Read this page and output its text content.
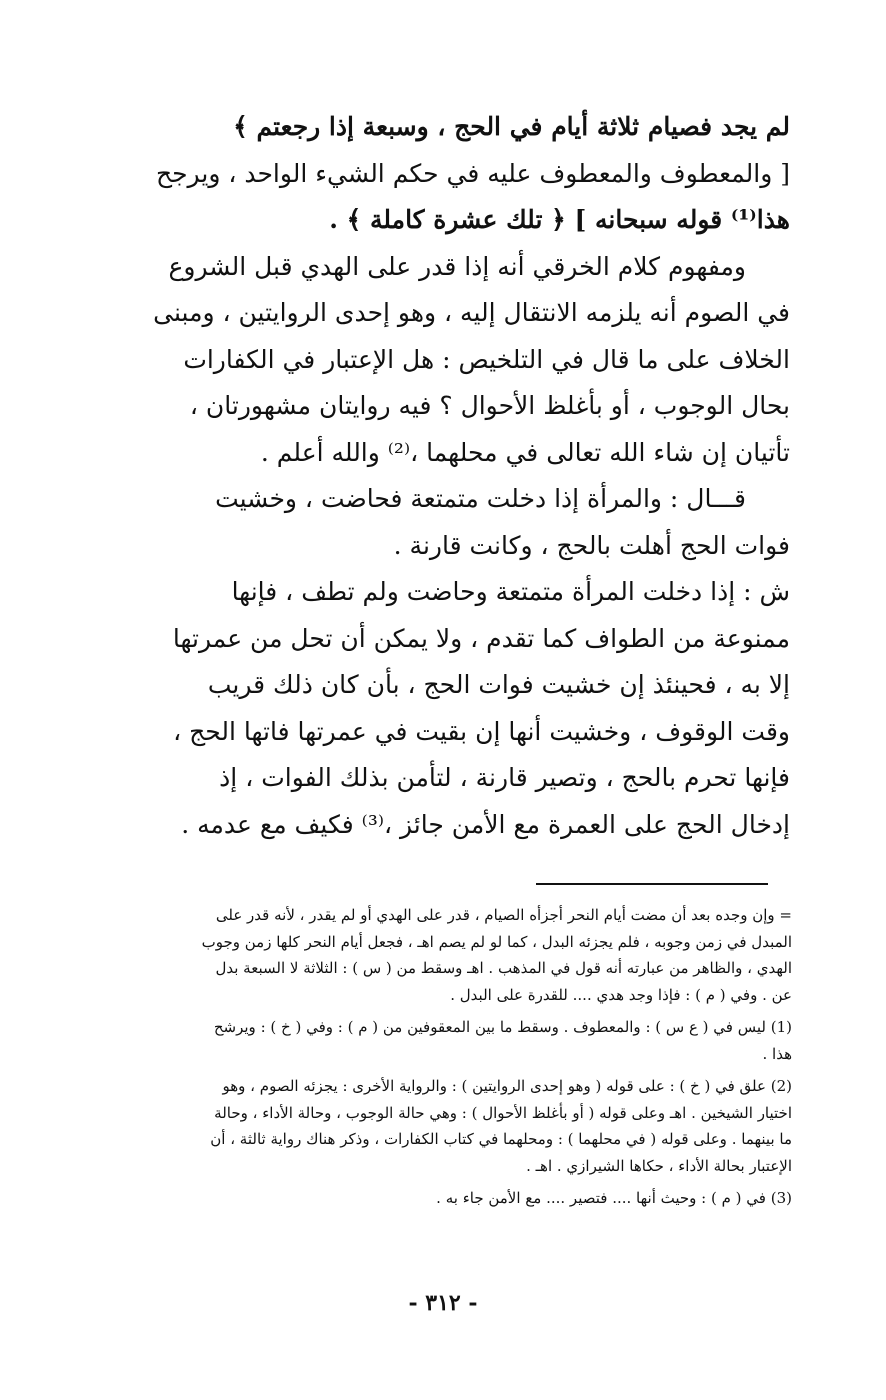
لم يجد فصيام ثلاثة أيام في الحج ، وسبعة إذا رجعتم ﴾
[ والمعطوف والمعطوف عليه في حكم الشيء الواحد ، ويرجح
هذا⁽¹⁾ قوله سبحانه ] ﴿ تلك عشرة كاملة ﴾ .

ومفهوم كلام الخرقي أنه إذا قدر على الهدي قبل الشروع
في الصوم أنه يلزمه الانتقال إليه ، وهو إحدى الروايتين ، ومبنى
الخلاف على ما قال في التلخيص : هل الإعتبار في الكفارات
بحال الوجوب ، أو بأغلظ الأحوال ؟ فيه روايتان مشهورتان ،
تأتيان إن شاء الله تعالى في محلهما ،⁽²⁾ والله أعلم .

قـــال : والمرأة إذا دخلت متمتعة فحاضت ، وخشيت
فوات الحج أهلت بالحج ، وكانت قارنة .

ش : إذا دخلت المرأة متمتعة وحاضت ولم تطف ، فإنها
ممنوعة من الطواف كما تقدم ، ولا يمكن أن تحل من عمرتها
إلا به ، فحينئذ إن خشيت فوات الحج ، بأن كان ذلك قريب
وقت الوقوف ، وخشيت أنها إن بقيت في عمرتها فاتها الحج ،
فإنها تحرم بالحج ، وتصير قارنة ، لتأمن بذلك الفوات ، إذ
إدخال الحج على العمرة مع الأمن جائز ،⁽³⁾ فكيف مع عدمه .

= وإن وجده بعد أن مضت أيام النحر أجزأه الصيام ، قدر على الهدي أو لم يقدر ، لأنه قدر على
المبدل في زمن وجوبه ، فلم يجزئه البدل ، كما لو لم يصم اهـ ، فجعل أيام النحر كلها زمن وجوب
الهدي ، والظاهر من عبارته أنه قول في المذهب . اهـ وسقط من ( س ) : الثلاثة لا السبعة بدل
عن . وفي ( م ) : فإذا وجد هدي .... للقدرة على البدل .

(1) ليس في ( ع س ) : والمعطوف . وسقط ما بين المعقوفين من ( م ) : وفي ( خ ) : ويرشح
هذا .

(2) علق في ( خ ) : على قوله ( وهو إحدى الروايتين ) : والرواية الأخرى : يجزئه الصوم ، وهو
اختيار الشيخين . اهـ وعلى قوله ( أو بأغلظ الأحوال ) : وهي حالة الوجوب ، وحالة الأداء ، وحالة
ما بينهما . وعلى قوله ( في محلهما ) : ومحلهما في كتاب الكفارات ، وذكر هناك رواية ثالثة ، أن
الإعتبار بحالة الأداء ، حكاها الشيرازي . اهـ .

(3) في ( م ) : وحيث أنها .... فتصير .... مع الأمن جاء به .

- ٣١٢ -
